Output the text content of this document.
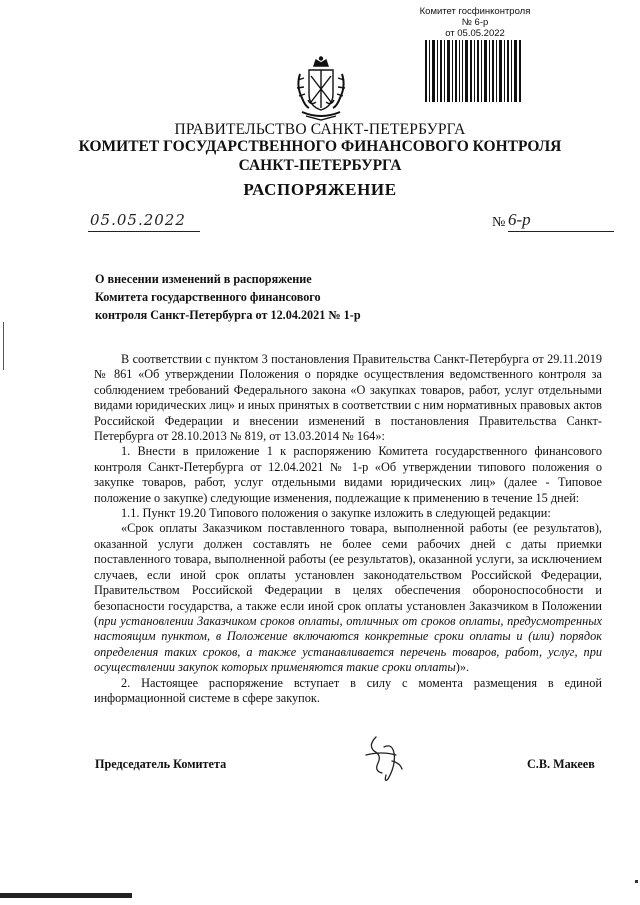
Комитет госфинконтроля
№ 6-р
от 05.05.2022
ПРАВИТЕЛЬСТВО САНКТ-ПЕТЕРБУРГА
КОМИТЕТ ГОСУДАРСТВЕННОГО ФИНАНСОВОГО КОНТРОЛЯ
САНКТ-ПЕТЕРБУРГА
РАСПОРЯЖЕНИЕ
05.05.2022	№ 6-р
О внесении изменений в распоряжение
Комитета государственного финансового
контроля Санкт-Петербурга от 12.04.2021 № 1-р

В соответствии с пунктом 3 постановления Правительства Санкт-Петербурга от 29.11.2019 № 861 «Об утверждении Положения о порядке осуществления ведомственного контроля за соблюдением требований Федерального закона «О закупках товаров, работ, услуг отдельными видами юридических лиц» и иных принятых в соответствии с ним нормативных правовых актов Российской Федерации и внесении изменений в постановления Правительства Санкт-Петербурга от 28.10.2013 № 819, от 13.03.2014 № 164»:

1. Внести в приложение 1 к распоряжению Комитета государственного финансового контроля Санкт-Петербурга от 12.04.2021 № 1-р «Об утверждении типового положения о закупке товаров, работ, услуг отдельными видами юридических лиц» (далее - Типовое положение о закупке) следующие изменения, подлежащие к применению в течение 15 дней:

1.1. Пункт 19.20 Типового положения о закупке изложить в следующей редакции:

«Срок оплаты Заказчиком поставленного товара, выполненной работы (ее результатов), оказанной услуги должен составлять не более семи рабочих дней с даты приемки поставленного товара, выполненной работы (ее результатов), оказанной услуги, за исключением случаев, если иной срок оплаты установлен законодательством Российской Федерации, Правительством Российской Федерации в целях обеспечения обороноспособности и безопасности государства, а также если иной срок оплаты установлен Заказчиком в Положении (при установлении Заказчиком сроков оплаты, отличных от сроков оплаты, предусмотренных настоящим пунктом, в Положение включаются конкретные сроки оплаты и (или) порядок определения таких сроков, а также устанавливается перечень товаров, работ, услуг, при осуществлении закупок которых применяются такие сроки оплаты)».

2. Настоящее распоряжение вступает в силу с момента размещения в единой информационной системе в сфере закупок.

Председатель Комитета	С.В. Макеев
